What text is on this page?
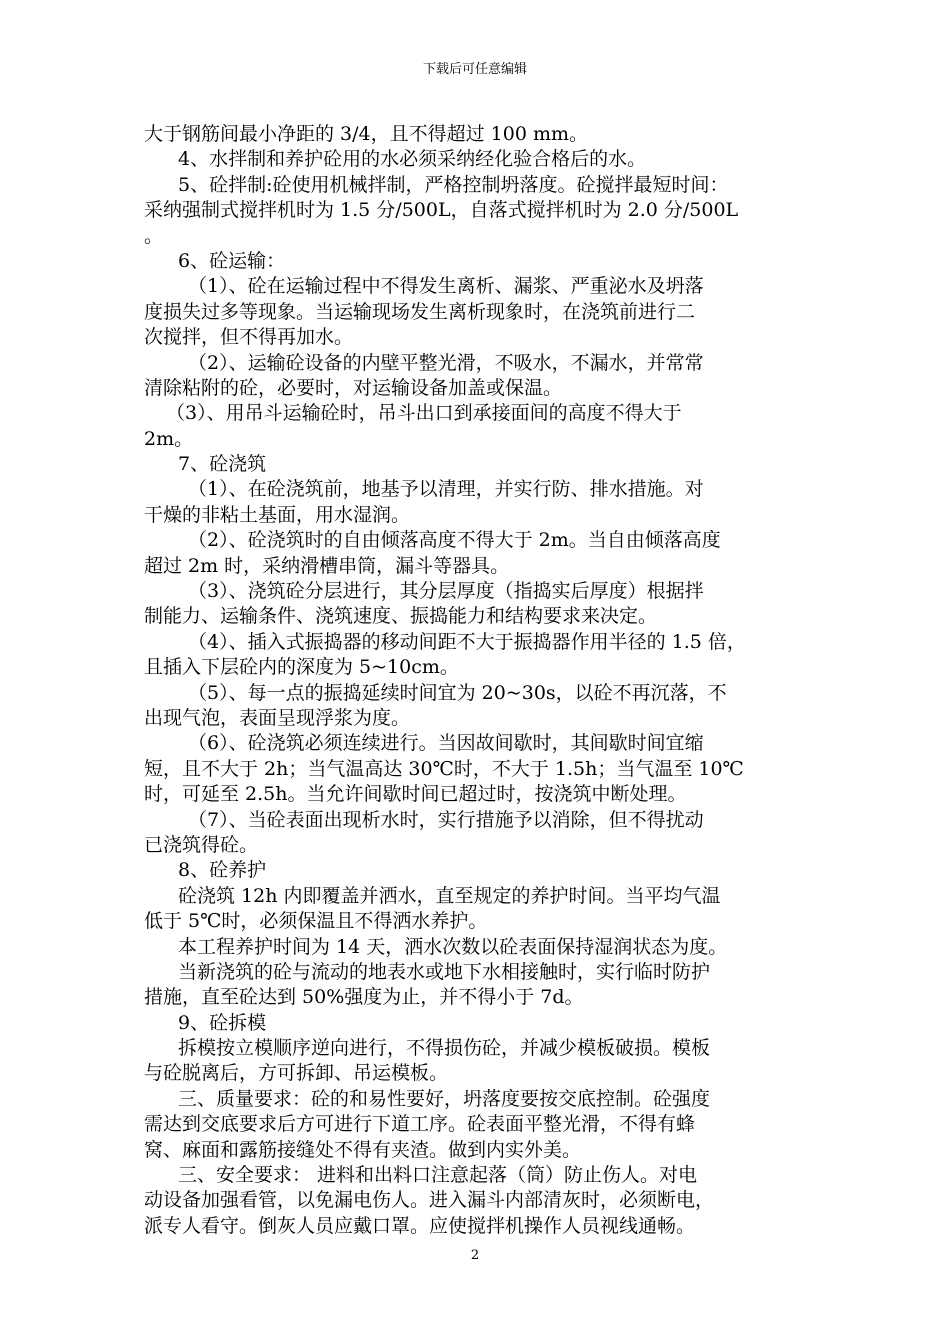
下载后可任意编辑
大于钢筋间最小净距的 3/4，且不得超过 100 mm。
4、水拌制和养护砼用的水必须采纳经化验合格后的水。
5、砼拌制:砼使用机械拌制，严格控制坍落度。砼搅拌最短时间：
采纳强制式搅拌机时为 1.5 分/500L，自落式搅拌机时为 2.0 分/500L
。
6、砼运输：
（1）、砼在运输过程中不得发生离析、漏浆、严重泌水及坍落
度损失过多等现象。当运输现场发生离析现象时，在浇筑前进行二
次搅拌，但不得再加水。
（2）、运输砼设备的内壁平整光滑，不吸水，不漏水，并常常
清除粘附的砼，必要时，对运输设备加盖或保温。
（3）、用吊斗运输砼时，吊斗出口到承接面间的高度不得大于
2m。
7、砼浇筑
（1）、在砼浇筑前，地基予以清理，并实行防、排水措施。对
干燥的非粘土基面，用水湿润。
（2）、砼浇筑时的自由倾落高度不得大于 2m。当自由倾落高度
超过 2m 时，采纳滑槽串筒，漏斗等器具。
（3）、浇筑砼分层进行，其分层厚度（指捣实后厚度）根据拌
制能力、运输条件、浇筑速度、振捣能力和结构要求来决定。
（4）、插入式振捣器的移动间距不大于振捣器作用半径的 1.5 倍，
且插入下层砼内的深度为 5~10cm。
（5）、每一点的振捣延续时间宜为 20~30s，以砼不再沉落，不
出现气泡，表面呈现浮浆为度。
（6）、砼浇筑必须连续进行。当因故间歇时，其间歇时间宜缩
短，且不大于 2h；当气温高达 30℃时，不大于 1.5h；当气温至 10℃
时，可延至 2.5h。当允许间歇时间已超过时，按浇筑中断处理。
（7）、当砼表面出现析水时，实行措施予以消除，但不得扰动
已浇筑得砼。
8、砼养护
砼浇筑 12h 内即覆盖并洒水，直至规定的养护时间。当平均气温
低于 5℃时，必须保温且不得洒水养护。
本工程养护时间为 14 天，洒水次数以砼表面保持湿润状态为度。
当新浇筑的砼与流动的地表水或地下水相接触时，实行临时防护
措施，直至砼达到 50%强度为止，并不得小于 7d。
9、砼拆模
拆模按立模顺序逆向进行，不得损伤砼，并减少模板破损。模板
与砼脱离后，方可拆卸、吊运模板。
三、质量要求：砼的和易性要好，坍落度要按交底控制。砼强度
需达到交底要求后方可进行下道工序。砼表面平整光滑，不得有蜂
窝、麻面和露筋接缝处不得有夹渣。做到内实外美。
三、安全要求： 进料和出料口注意起落（筒）防止伤人。对电
动设备加强看管，以免漏电伤人。进入漏斗内部清灰时，必须断电，
派专人看守。倒灰人员应戴口罩。应使搅拌机操作人员视线通畅。
2
